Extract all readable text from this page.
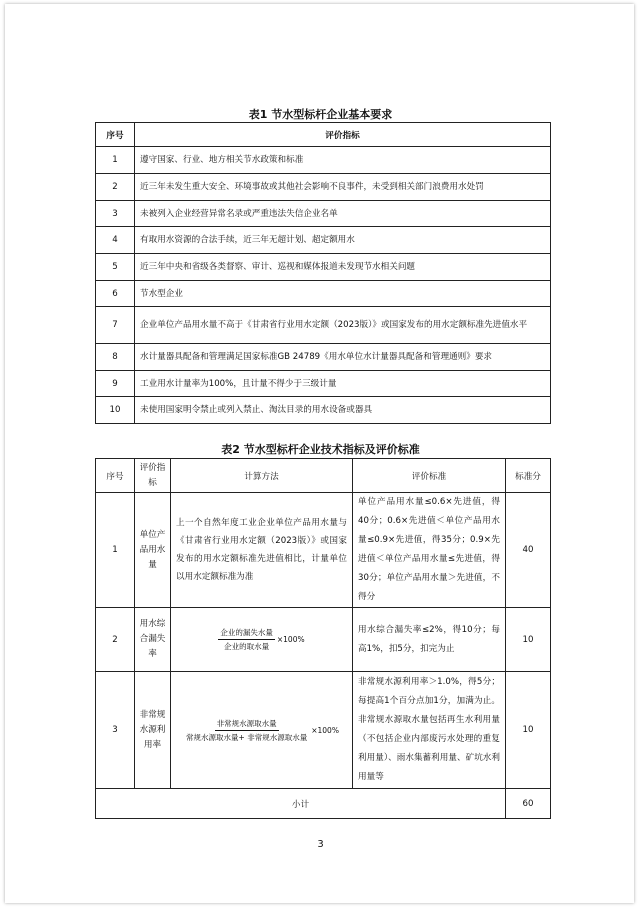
表1 节水型标杆企业基本要求
序号	评价指标
1	遵守国家、行业、地方相关节水政策和标准
2	近三年未发生重大安全、环境事故或其他社会影响不良事件，未受到相关部门浪费用水处罚
3	未被列入企业经营异常名录或严重违法失信企业名单
4	有取用水资源的合法手续，近三年无超计划、超定额用水
5	近三年中央和省级各类督察、审计、巡视和媒体报道未发现节水相关问题
6	节水型企业
7	企业单位产品用水量不高于《甘肃省行业用水定额（2023版）》或国家发布的用水定额标准先进值水平
8	水计量器具配备和管理满足国家标准GB 24789《用水单位水计量器具配备和管理通则》要求
9	工业用水计量率为100%，且计量不得少于三级计量
10	未使用国家明令禁止或列入禁止、淘汰目录的用水设备或器具
表2 节水型标杆企业技术指标及评价标准
序号	评价指标	计算方法	评价标准	标准分
1	单位产品用水量	上一个自然年度工业企业单位产品用水量与《甘肃省行业用水定额（2023版）》或国家发布的用水定额标准先进值相比，计量单位以用水定额标准为准	单位产品用水量≤0.6×先进值，得40分；0.6×先进值＜单位产品用水量≤0.9×先进值，得35分；0.9×先进值＜单位产品用水量≤先进值，得30分；单位产品用水量＞先进值，不得分	40
2	用水综合漏失率	$\frac{\text{企业的漏失水量}}{\text{企业的取水量}} \times 100\%$	用水综合漏失率≤2%，得10分；每高1%，扣5分，扣完为止	10
3	非常规水源利用率	$\frac{\text{非常规水源取水量}}{\text{常规水源取水量+ 非常规水源取水量}} \times 100\%$	非常规水源利用率＞1.0%，得5分；每提高1个百分点加1分，加满为止。非常规水源取水量包括再生水利用量（不包括企业内部废污水处理的重复利用量）、雨水集蓄利用量、矿坑水利用量等	10
小计				60
3
